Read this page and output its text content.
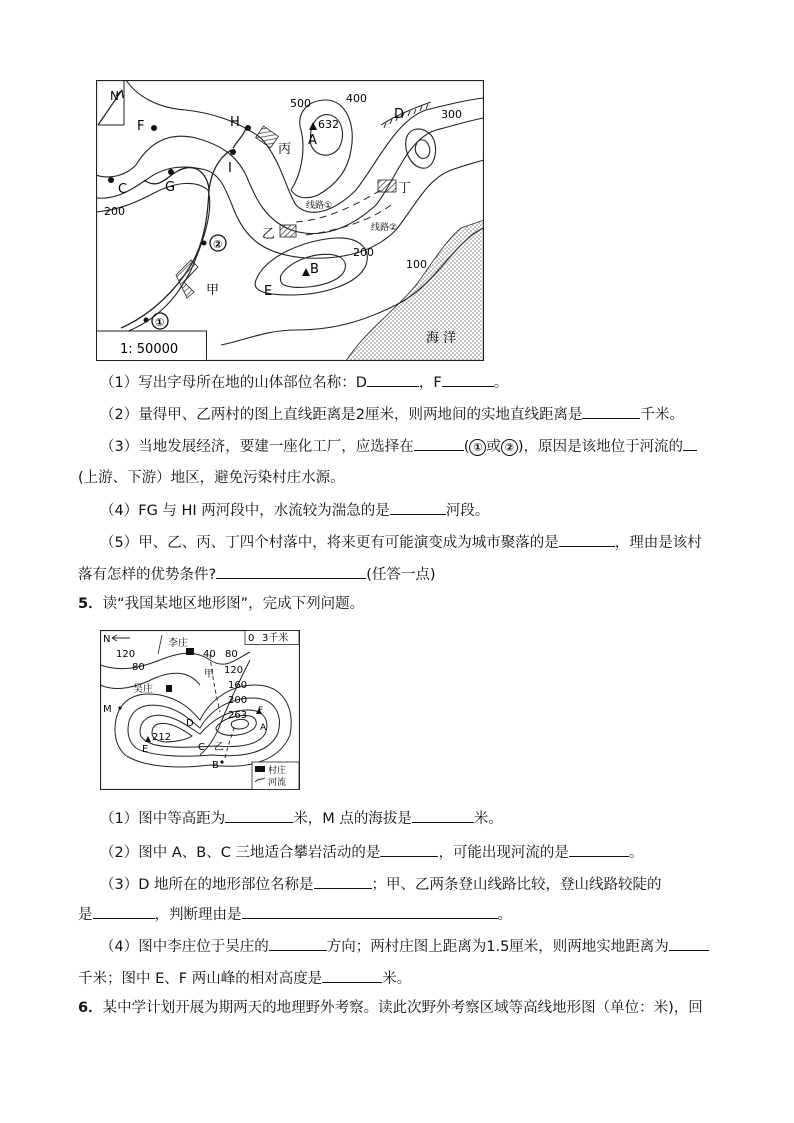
N
1: 50000
500	400
300
632
200
200
100
D
H
F
A
C	G
I
B
E
丙
丁
乙
甲
线路①
线路②
②
①
海 洋
（1）写出字母所在地的山体部位名称：D	，F	。
（2）量得甲、乙两村的图上直线距离是2厘米，则两地间的实地直线距离是	千米。
（3）当地发展经济，要建一座化工厂，应选择在	( ① 或 ② )，原因是该地位于河流的
(上游、下游）地区，避免污染村庄水源。
（4）FG 与 HI 两河段中，水流较为湍急的是	河段。
（5）甲、乙、丙、丁四个村落中，将来更有可能演变成为城市聚落的是	，理由是该村
落有怎样的优势条件?	(任答一点)
5．读“我国某地区地形图”，完成下列问题。
0 3千米
N
120
李庄
40 80
80	120
甲
160
吴庄
200
M
263 F
D	A
212
E	C 乙
B	村庄
河流
（1）图中等高距为	米，M 点的海拔是	米。
（2）图中 A、B、C 三地适合攀岩活动的是	，可能出现河流的是	。
（3）D 地所在的地形部位名称是	；甲、乙两条登山线路比较，登山线路较陡的
是	，判断理由是	。
（4）图中李庄位于吴庄的	方向；两村庄图上距离为1.5厘米，则两地实地距离为
千米；图中 E、F 两山峰的相对高度是	米。
6．某中学计划开展为期两天的地理野外考察。读此次野外考察区域等高线地形图（单位：米)，回
